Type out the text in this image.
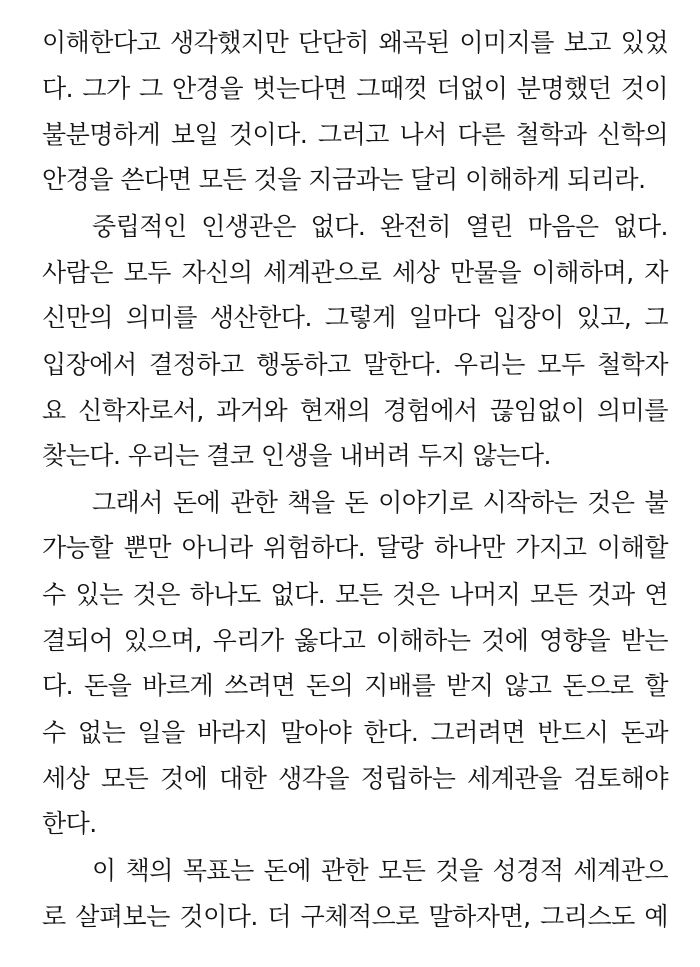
이해한다고 생각했지만 단단히 왜곡된 이미지를 보고 있었
다. 그가 그 안경을 벗는다면 그때껏 더없이 분명했던 것이
불분명하게 보일 것이다. 그러고 나서 다른 철학과 신학의
안경을 쓴다면 모든 것을 지금과는 달리 이해하게 되리라.
중립적인 인생관은 없다. 완전히 열린 마음은 없다.
사람은 모두 자신의 세계관으로 세상 만물을 이해하며, 자
신만의 의미를 생산한다. 그렇게 일마다 입장이 있고, 그
입장에서 결정하고 행동하고 말한다. 우리는 모두 철학자
요 신학자로서, 과거와 현재의 경험에서 끊임없이 의미를
찾는다. 우리는 결코 인생을 내버려 두지 않는다.
그래서 돈에 관한 책을 돈 이야기로 시작하는 것은 불
가능할 뿐만 아니라 위험하다. 달랑 하나만 가지고 이해할
수 있는 것은 하나도 없다. 모든 것은 나머지 모든 것과 연
결되어 있으며, 우리가 옳다고 이해하는 것에 영향을 받는
다. 돈을 바르게 쓰려면 돈의 지배를 받지 않고 돈으로 할
수 없는 일을 바라지 말아야 한다. 그러려면 반드시 돈과
세상 모든 것에 대한 생각을 정립하는 세계관을 검토해야
한다.
이 책의 목표는 돈에 관한 모든 것을 성경적 세계관으
로 살펴보는 것이다. 더 구체적으로 말하자면, 그리스도 예
